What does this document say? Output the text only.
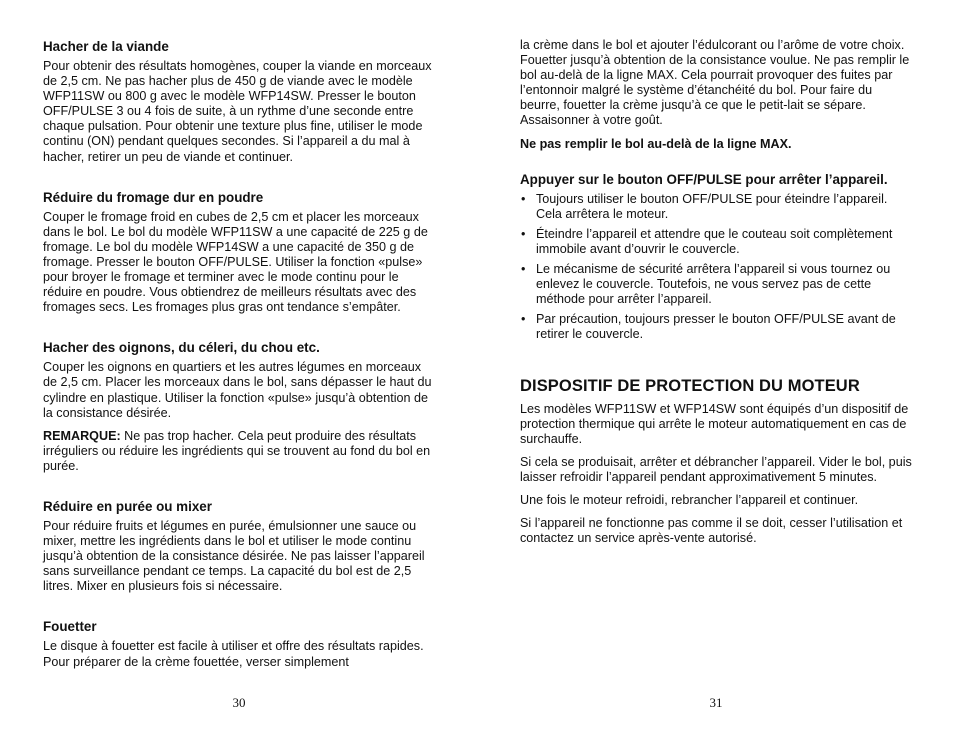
Hacher de la viande

Pour obtenir des résultats homogènes, couper la viande en morceaux de 2,5 cm. Ne pas hacher plus de 450 g de viande avec le modèle WFP11SW ou 800 g avec le modèle WFP14SW. Presser le bouton OFF/PULSE 3 ou 4 fois de suite, à un rythme d’une seconde entre chaque pulsation. Pour obtenir une texture plus fine, utiliser le mode continu (ON) pendant quelques secondes. Si l’appareil a du mal à hacher, retirer un peu de viande et continuer.

Réduire du fromage dur en poudre

Couper le fromage froid en cubes de 2,5 cm et placer les morceaux dans le bol. Le bol du modèle WFP11SW a une capacité de 225 g de fromage. Le bol du modèle WFP14SW a une capacité de 350 g de fromage. Presser le bouton OFF/PULSE. Utiliser la fonction «pulse» pour broyer le fromage et terminer avec le mode continu pour le réduire en poudre. Vous obtiendrez de meilleurs résultats avec des fromages secs. Les fromages plus gras ont tendance s’empâter.

Hacher des oignons, du céleri, du chou etc.

Couper les oignons en quartiers et les autres légumes en morceaux de 2,5 cm. Placer les morceaux dans le bol, sans dépasser le haut du cylindre en plastique. Utiliser la fonction «pulse» jusqu’à obtention de la consistance désirée.

REMARQUE: Ne pas trop hacher. Cela peut produire des résultats irréguliers ou réduire les ingrédients qui se trouvent au fond du bol en purée.

Réduire en purée ou mixer

Pour réduire fruits et légumes en purée, émulsionner une sauce ou mixer, mettre les ingrédients dans le bol et utiliser le mode continu jusqu’à obtention de la consistance désirée. Ne pas laisser l’appareil sans surveillance pendant ce temps. La capacité du bol est de 2,5 litres. Mixer en plusieurs fois si nécessaire.

Fouetter

Le disque à fouetter est facile à utiliser et offre des résultats rapides. Pour préparer de la crème fouettée, verser simplement

30

la crème dans le bol et ajouter l’édulcorant ou l’arôme de votre choix. Fouetter jusqu’à obtention de la consistance voulue. Ne pas remplir le bol au-delà de la ligne MAX. Cela pourrait provoquer des fuites par l’entonnoir malgré le système d’étanchéité du bol. Pour faire du beurre, fouetter la crème jusqu’à ce que le petit-lait se sépare. Assaisonner à votre goût.

Ne pas remplir le bol au-delà de la ligne MAX.

Appuyer sur le bouton OFF/PULSE pour arrêter l’appareil.
• Toujours utiliser le bouton OFF/PULSE pour éteindre l’appareil. Cela arrêtera le moteur.
• Éteindre l’appareil et attendre que le couteau soit complètement immobile avant d’ouvrir le couvercle.
• Le mécanisme de sécurité arrêtera l’appareil si vous tournez ou enlevez le couvercle. Toutefois, ne vous servez pas de cette méthode pour arrêter l’appareil.
• Par précaution, toujours presser le bouton OFF/PULSE avant de retirer le couvercle.
DISPOSITIF DE PROTECTION DU MOTEUR

Les modèles WFP11SW et WFP14SW sont équipés d’un dispositif de protection thermique qui arrête le moteur automatiquement en cas de surchauffe.

Si cela se produisait, arrêter et débrancher l’appareil. Vider le bol, puis laisser refroidir l’appareil pendant approximativement 5 minutes.

Une fois le moteur refroidi, rebrancher l’appareil et continuer.

Si l’appareil ne fonctionne pas comme il se doit, cesser l’utilisation et contactez un service après-vente autorisé.

31
